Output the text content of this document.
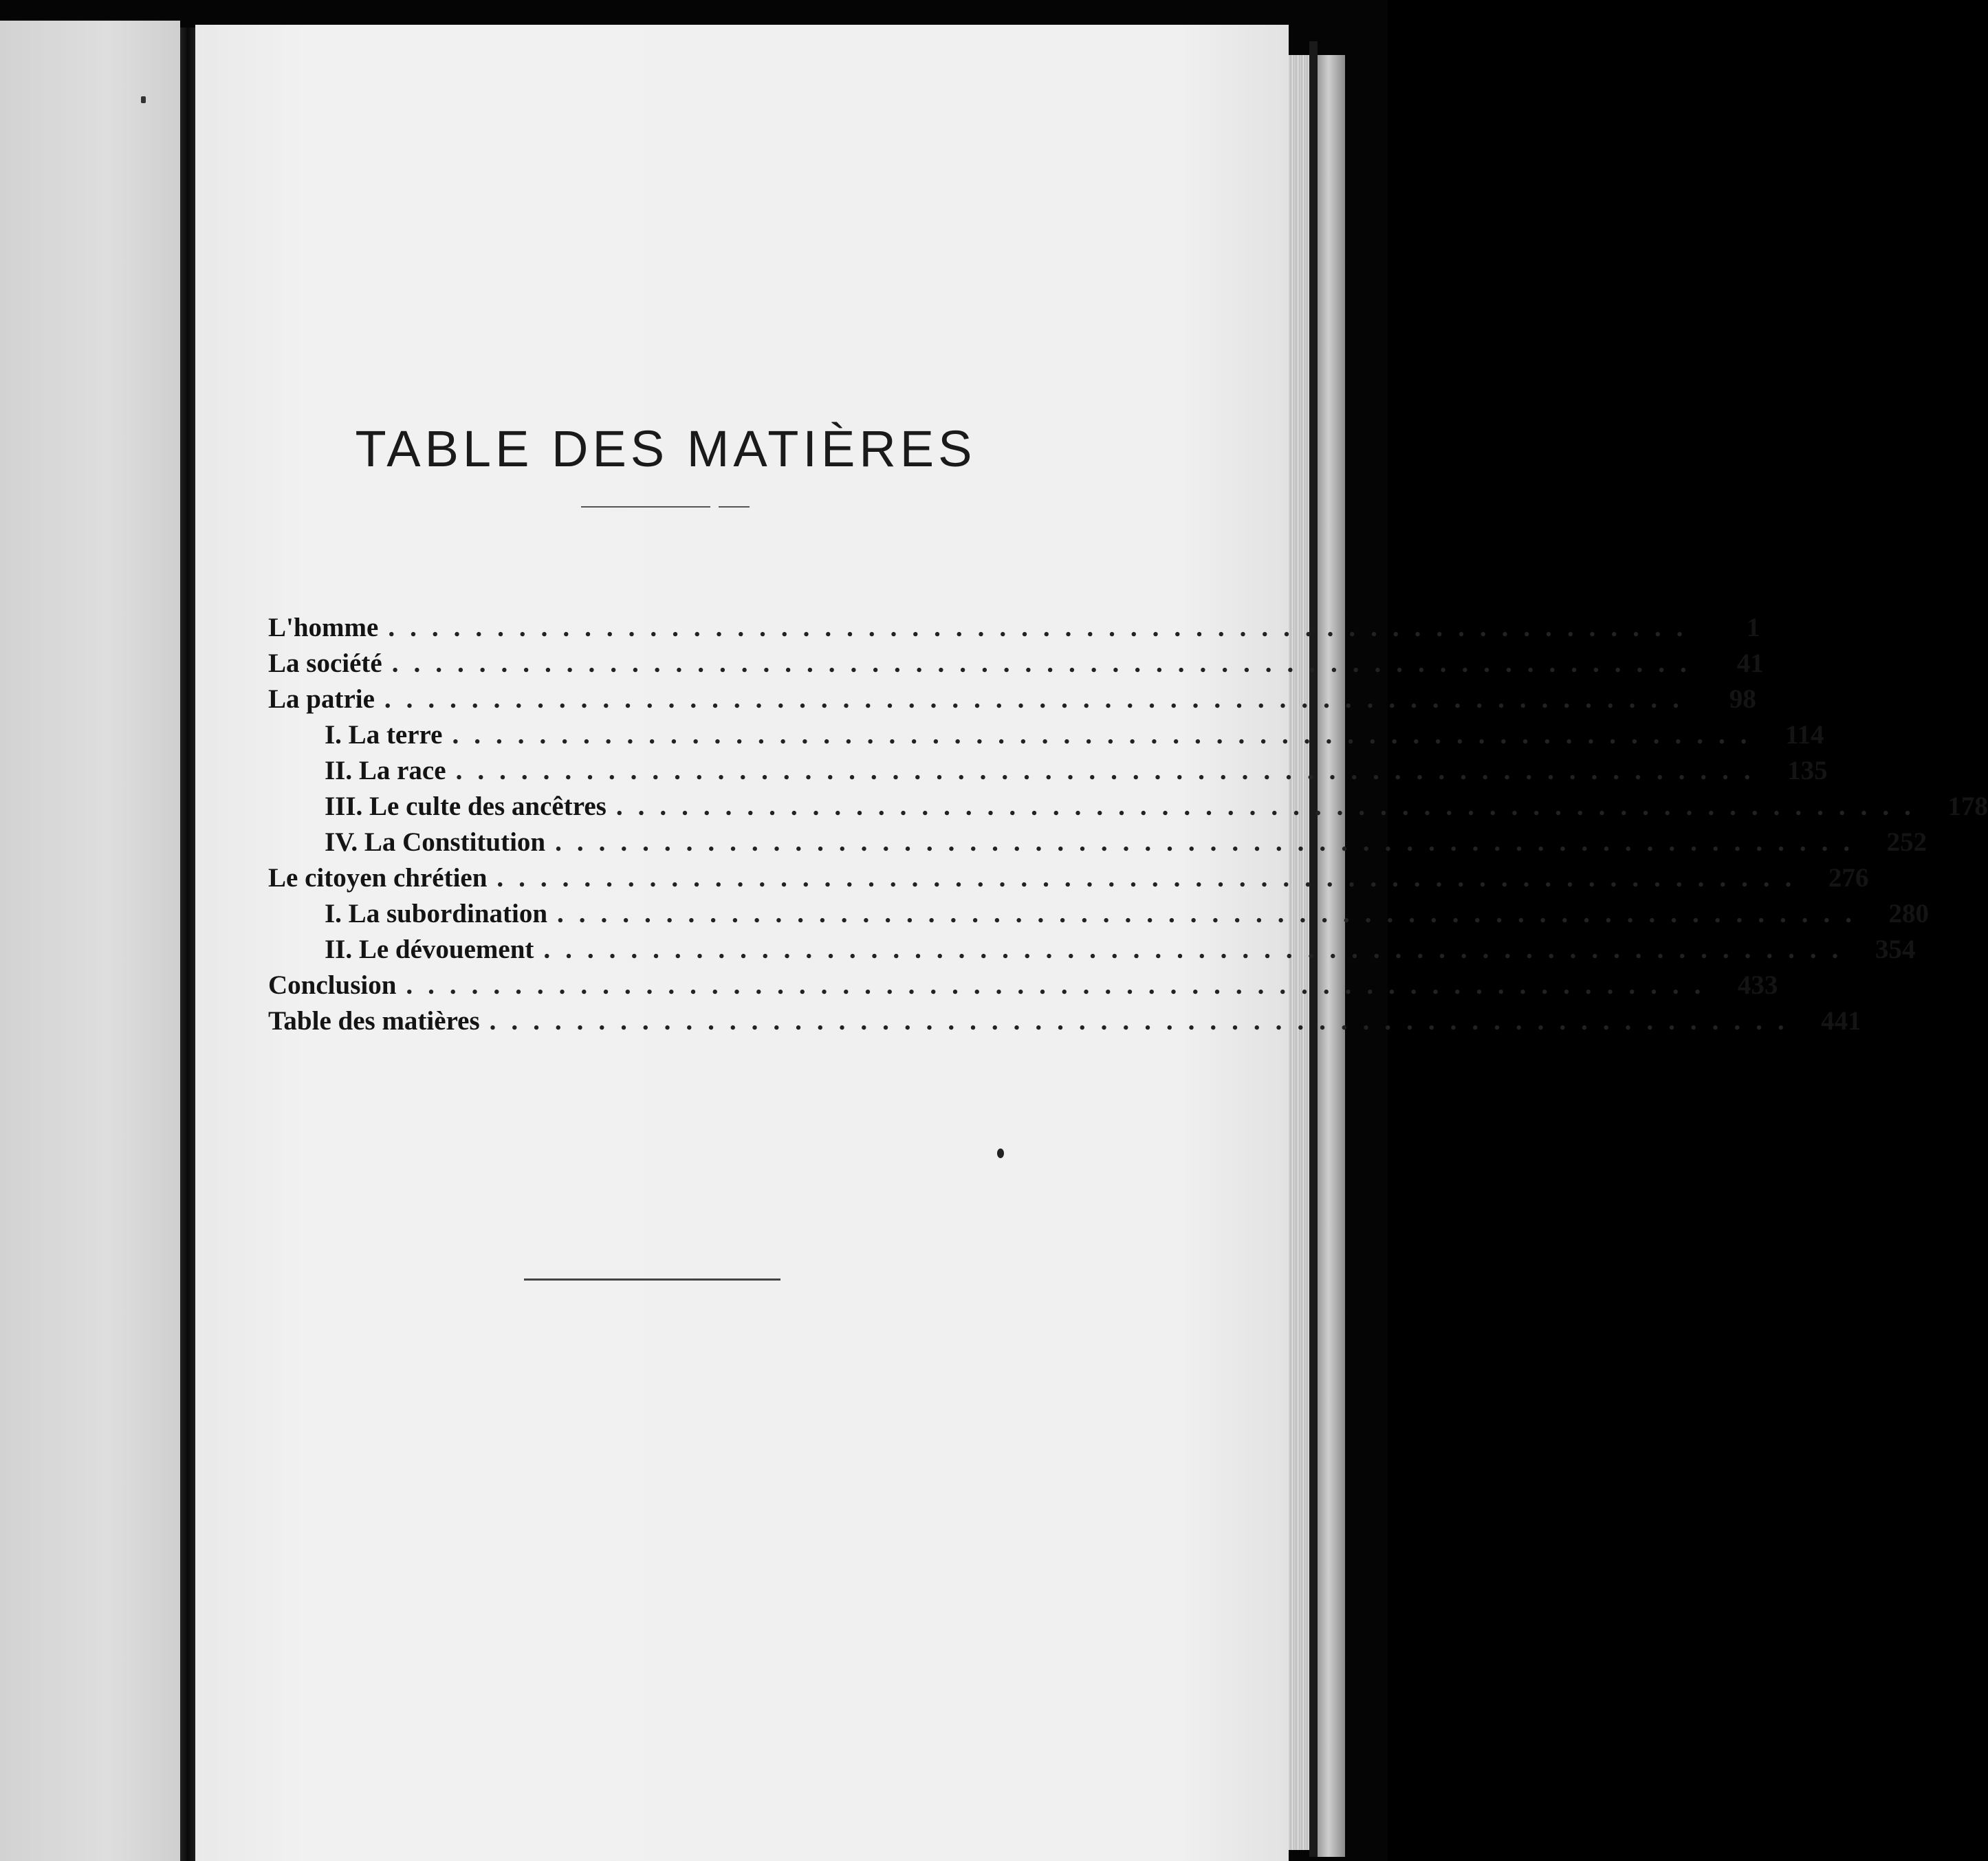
TABLE DES MATIÈRES
L'homme ............................................................	1
La société ............................................................	41
La patrie ............................................................	98
I. La terre ............................................................ 114
II. La race ............................................................ 135
III. Le culte des ancêtres ............................................................ 178
IV. La Constitution ............................................................ 252
Le citoyen chrétien ............................................................ 276
I. La subordination ............................................................ 280
II. Le dévouement ............................................................ 354
Conclusion ............................................................ 433
Table des matières ............................................................ 441
